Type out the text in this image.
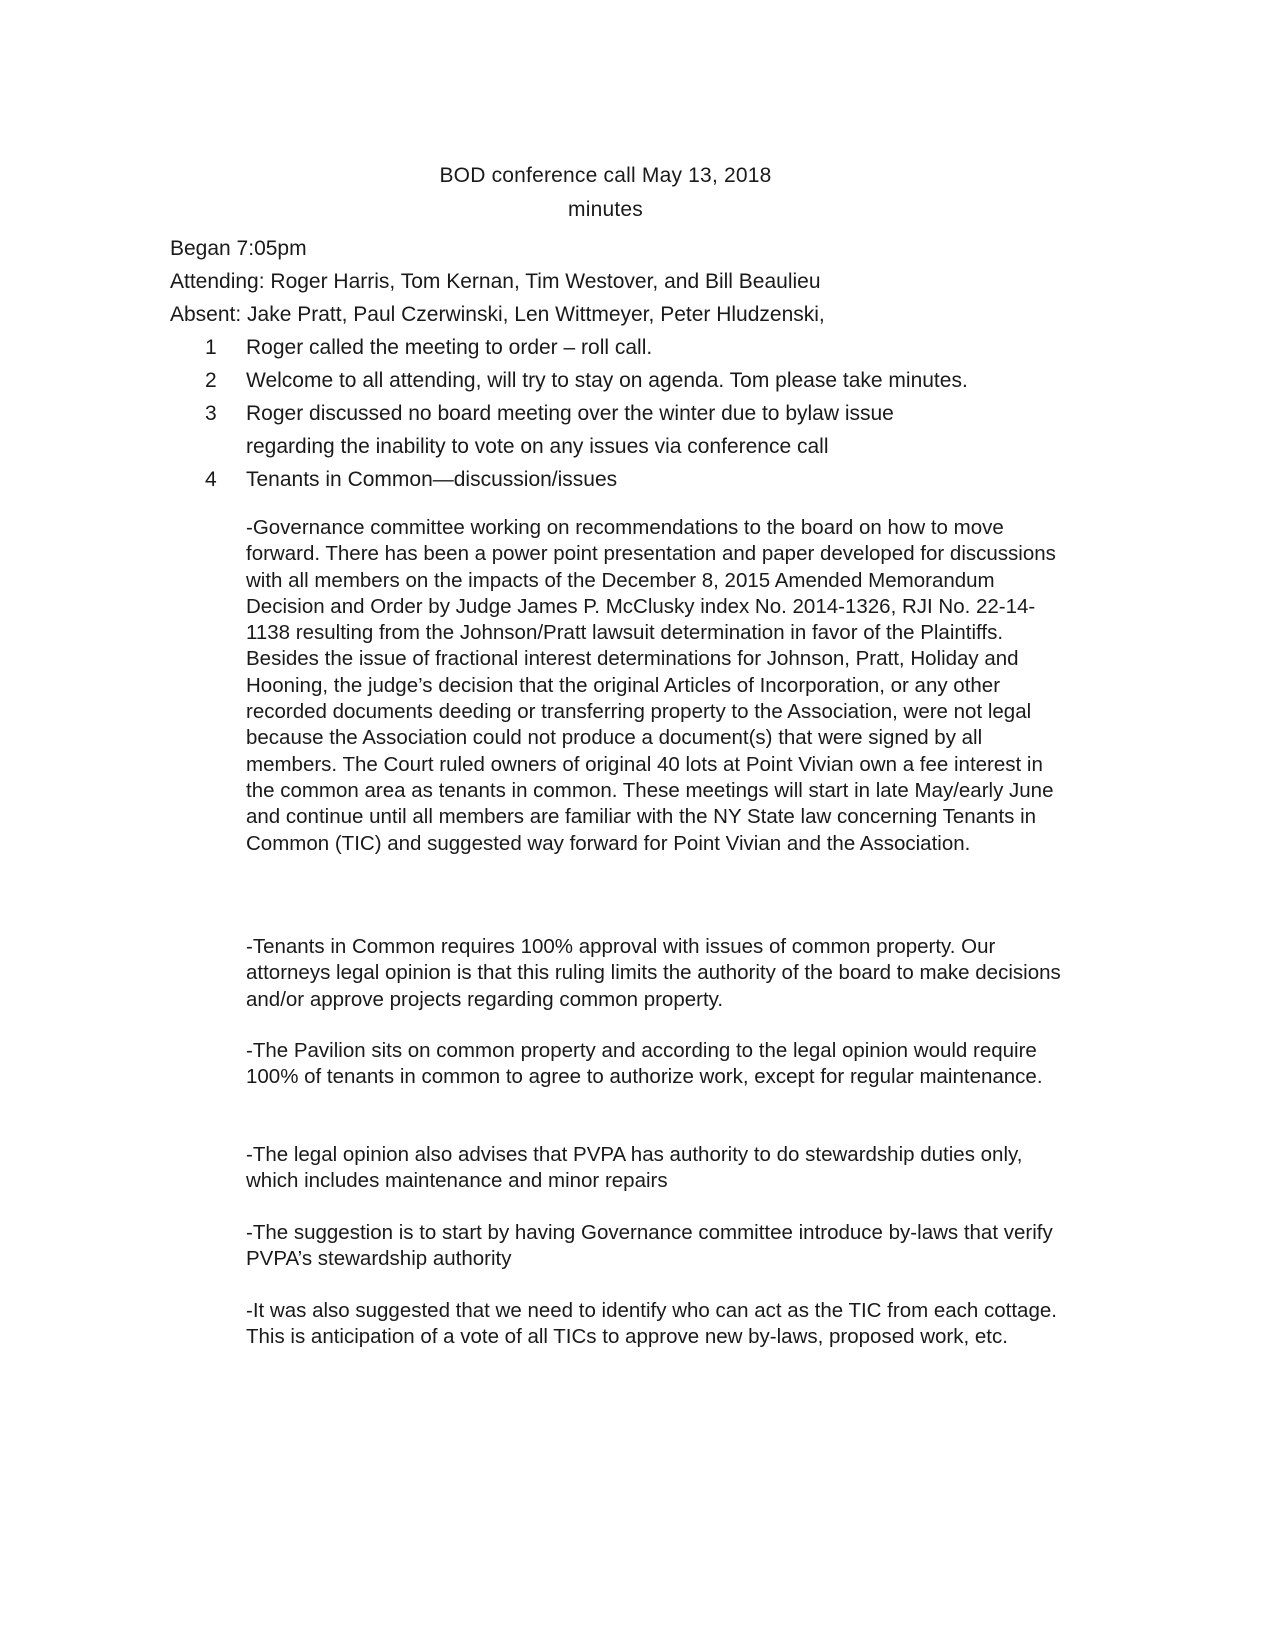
BOD conference call May 13, 2018
minutes
Began 7:05pm
Attending: Roger Harris, Tom Kernan, Tim Westover, and Bill Beaulieu
Absent: Jake Pratt, Paul Czerwinski, Len Wittmeyer, Peter Hludzenski,
1 Roger called the meeting to order – roll call.
2 Welcome to all attending, will try to stay on agenda. Tom please take minutes.
3 Roger discussed no board meeting over the winter due to bylaw issue regarding the inability to vote on any issues via conference call
4 Tenants in Common—discussion/issues

-Governance committee working on recommendations to the board on how to move forward. There has been a power point presentation and paper developed for discussions with all members on the impacts of the December 8, 2015 Amended Memorandum Decision and Order by Judge James P. McClusky index No. 2014-1326, RJI No. 22-14-1138 resulting from the Johnson/Pratt lawsuit determination in favor of the Plaintiffs. Besides the issue of fractional interest determinations for Johnson, Pratt, Holiday and Hooning, the judge’s decision that the original Articles of Incorporation, or any other recorded documents deeding or transferring property to the Association, were not legal because the Association could not produce a document(s) that were signed by all members. The Court ruled owners of original 40 lots at Point Vivian own a fee interest in the common area as tenants in common. These meetings will start in late May/early June and continue until all members are familiar with the NY State law concerning Tenants in Common (TIC) and suggested way forward for Point Vivian and the Association.

-Tenants in Common requires 100% approval with issues of common property. Our attorneys legal opinion is that this ruling limits the authority of the board to make decisions and/or approve projects regarding common property.

-The Pavilion sits on common property and according to the legal opinion would require 100% of tenants in common to agree to authorize work, except for regular maintenance.

-The legal opinion also advises that PVPA has authority to do stewardship duties only, which includes maintenance and minor repairs

-The suggestion is to start by having Governance committee introduce by-laws that verify PVPA’s stewardship authority

-It was also suggested that we need to identify who can act as the TIC from each cottage. This is anticipation of a vote of all TICs to approve new by-laws, proposed work, etc.
